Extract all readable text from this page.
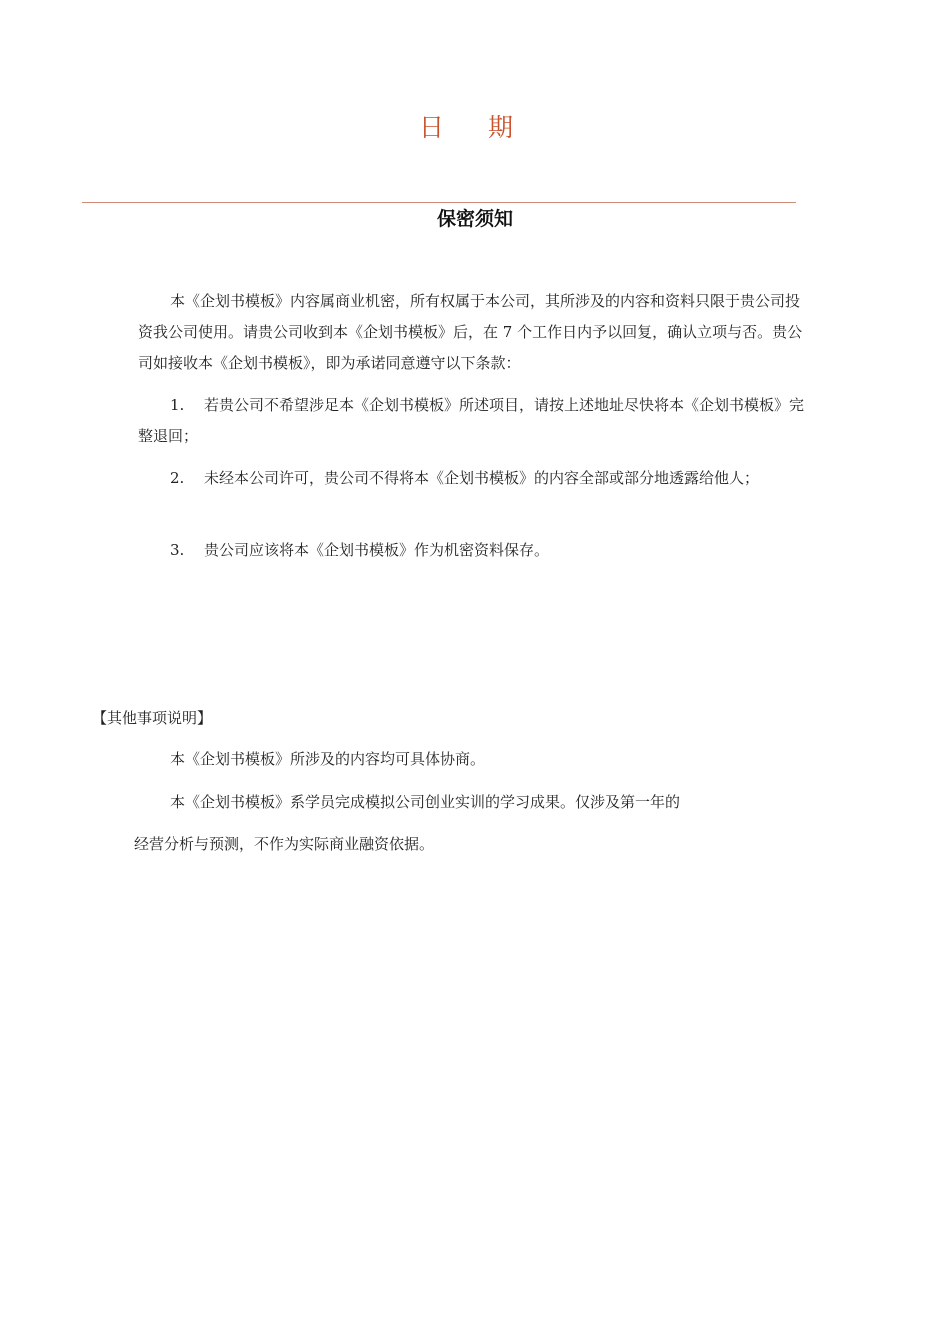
日 期
保密须知

本《企划书模板》内容属商业机密，所有权属于本公司，其所涉及的内容和资料只限于贵公司投资我公司使用。请贵公司收到本《企划书模板》后，在 7 个工作日内予以回复，确认立项与否。贵公司如接收本《企划书模板》，即为承诺同意遵守以下条款：

1. 若贵公司不希望涉足本《企划书模板》所述项目，请按上述地址尽快将本《企划书模板》完整退回；

2. 未经本公司许可，贵公司不得将本《企划书模板》的内容全部或部分地透露给他人；

3. 贵公司应该将本《企划书模板》作为机密资料保存。

【其他事项说明】

本《企划书模板》所涉及的内容均可具体协商。

本《企划书模板》系学员完成模拟公司创业实训的学习成果。仅涉及第一年的

经营分析与预测，不作为实际商业融资依据。
